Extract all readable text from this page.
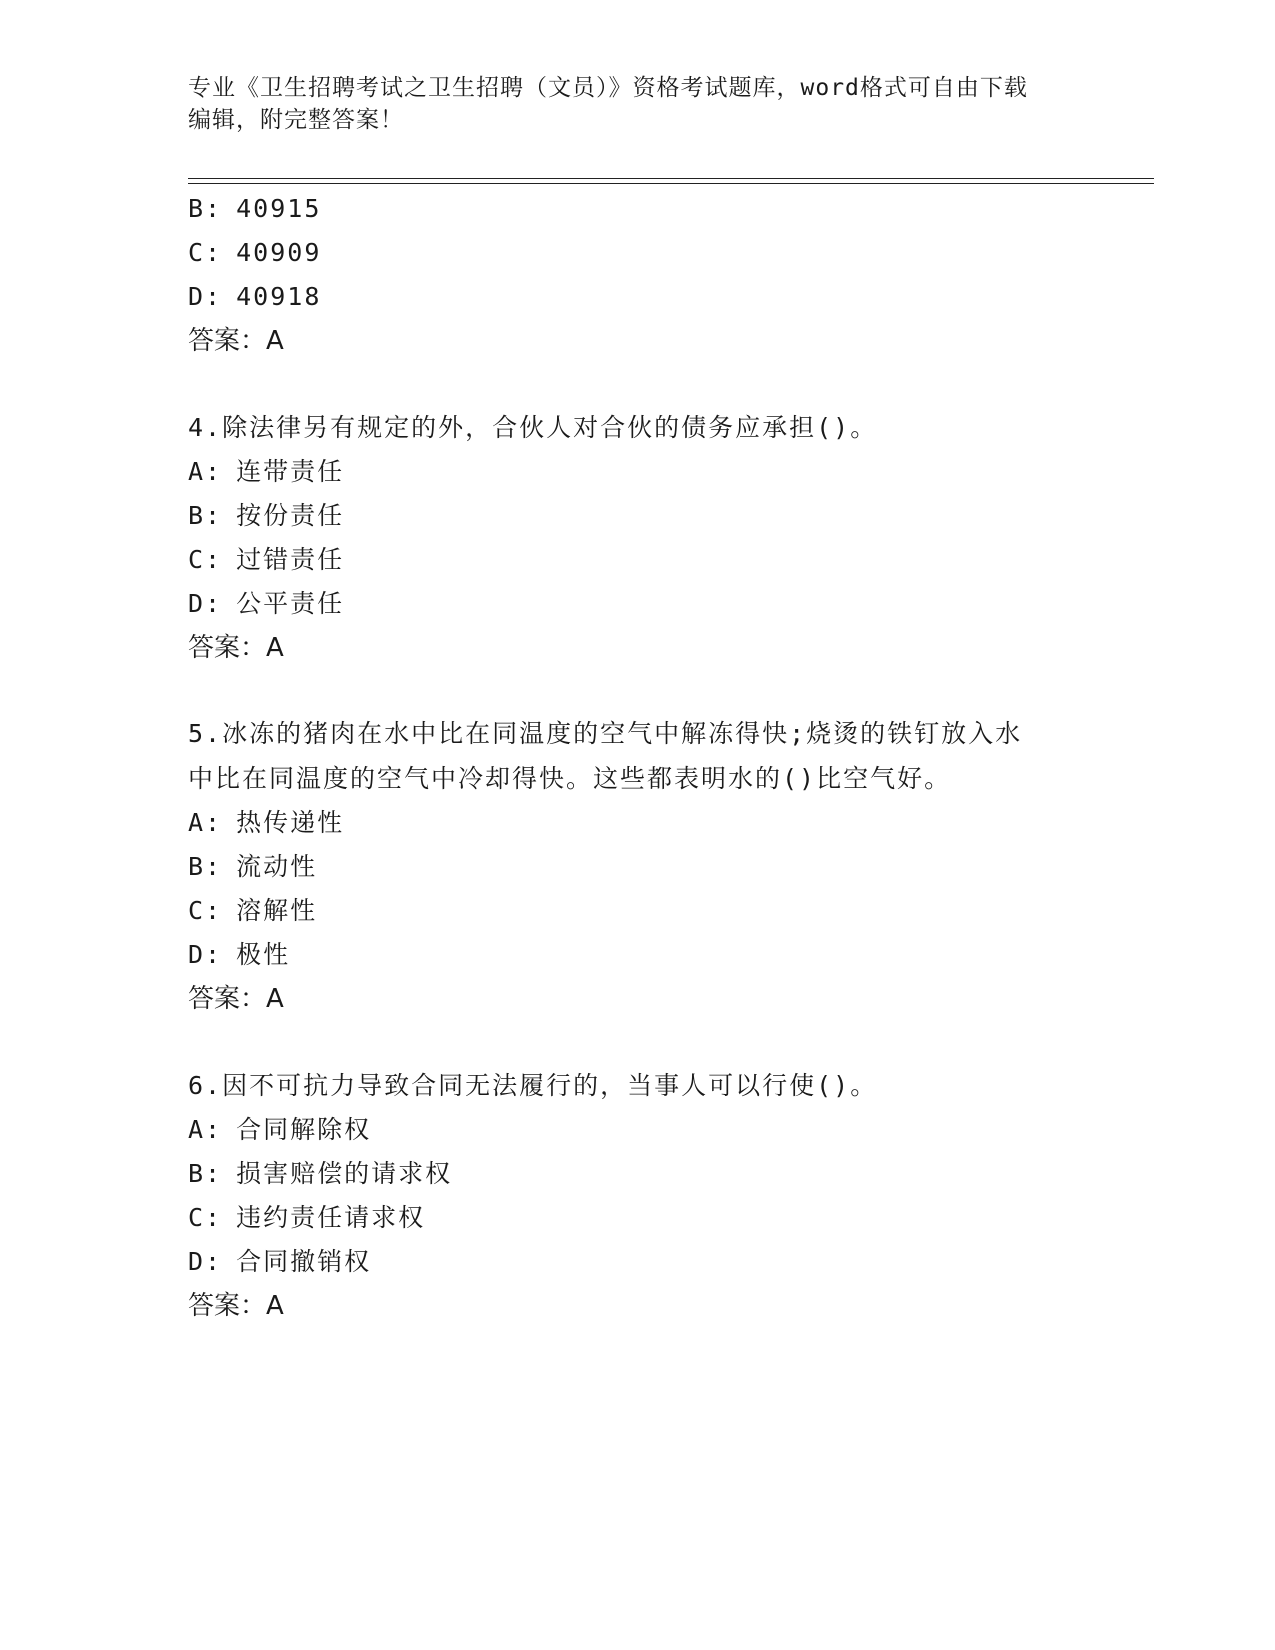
专业《卫生招聘考试之卫生招聘（文员）》资格考试题库，word格式可自由下载
编辑，附完整答案！
B: 40915
C: 40909
D: 40918
答案：A
4.除法律另有规定的外，合伙人对合伙的债务应承担()。
A: 连带责任
B: 按份责任
C: 过错责任
D: 公平责任
答案：A
5.冰冻的猪肉在水中比在同温度的空气中解冻得快;烧烫的铁钉放入水
中比在同温度的空气中冷却得快。这些都表明水的()比空气好。
A: 热传递性
B: 流动性
C: 溶解性
D: 极性
答案：A
6.因不可抗力导致合同无法履行的，当事人可以行使()。
A: 合同解除权
B: 损害赔偿的请求权
C: 违约责任请求权
D: 合同撤销权
答案：A
